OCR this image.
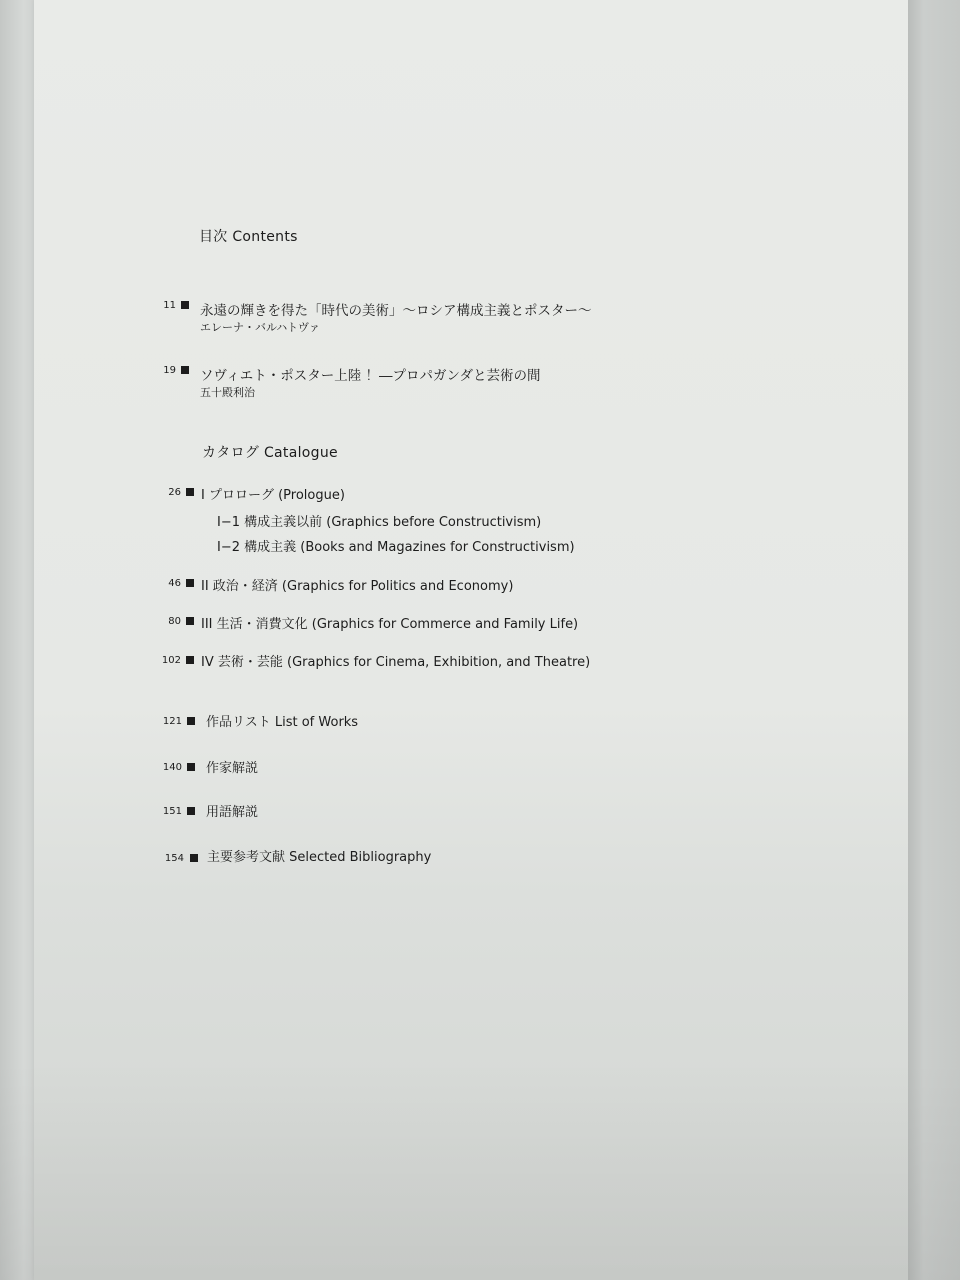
目次 Contents
11 永遠の輝きを得た「時代の美術」〜ロシア構成主義とポスター〜
エレーナ・バルハトヴァ
19 ソヴィエト・ポスター上陸 ！―プロパガンダと芸術の間
五十殿利治
カタログ Catalogue
26 I プロローグ (Prologue)
I−1 構成主義以前 (Graphics before Constructivism)
I−2 構成主義 (Books and Magazines for Constructivism)
46 II 政治・経済 (Graphics for Politics and Economy)
80 III 生活・消費文化 (Graphics for Commerce and Family Life)
102 IV 芸術・芸能 (Graphics for Cinema, Exhibition, and Theatre)
121 作品リスト List of Works
140 作家解説
151 用語解説
154 主要参考文献 Selected Bibliography
